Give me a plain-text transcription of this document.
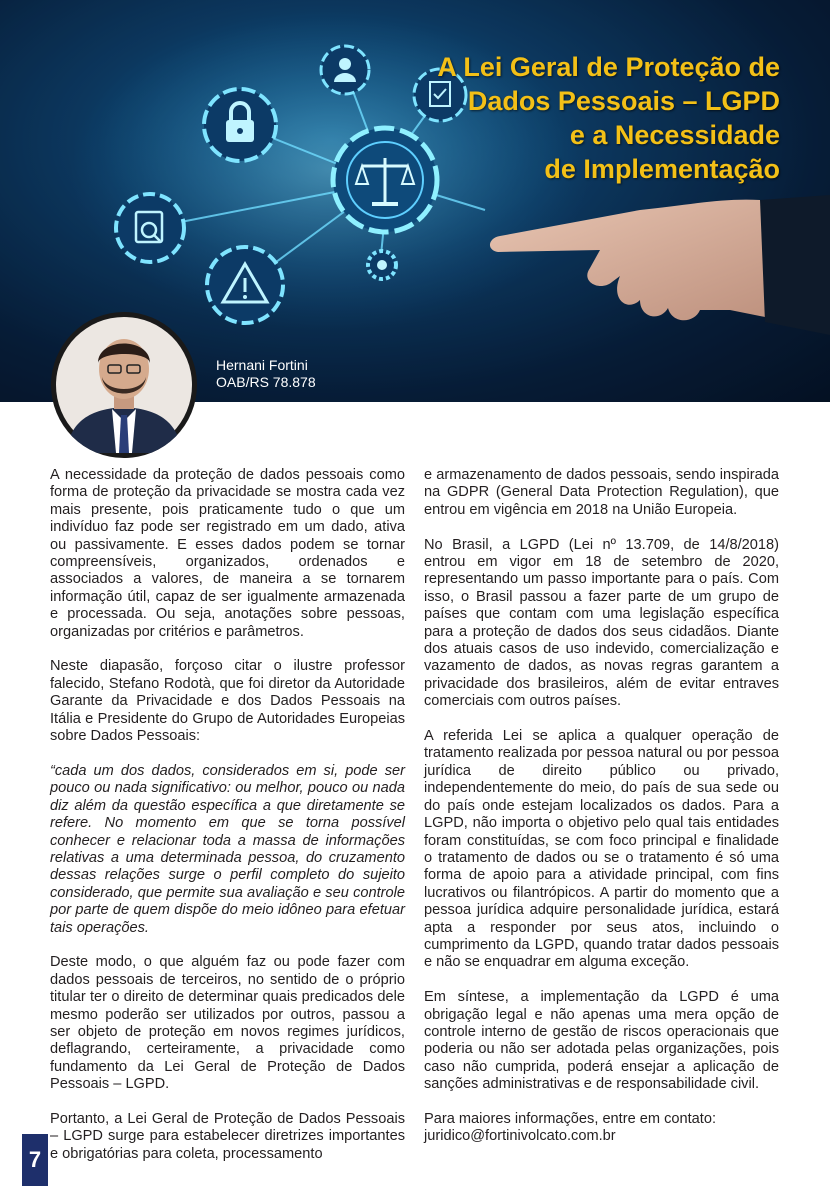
A Lei Geral de Proteção de
Dados Pessoais – LGPD
e a Necessidade
de Implementação
Hernani Fortini
OAB/RS 78.878

A necessidade da proteção de dados pessoais como forma de proteção da privacidade se mostra cada vez mais presente, pois praticamente tudo o que um indivíduo faz pode ser registrado em um dado, ativa ou passivamente. E esses dados podem se tornar compreensíveis, organizados, ordenados e associados a valores, de maneira a se tornarem informação útil, capaz de ser igualmente armazenada e processada. Ou seja, anotações sobre pessoas, organizadas por critérios e parâmetros.

Neste diapasão, forçoso citar o ilustre professor falecido, Stefano Rodotà, que foi diretor da Autoridade Garante da Privacidade e dos Dados Pessoais na Itália e Presidente do Grupo de Autoridades Europeias sobre Dados Pessoais:

“cada um dos dados, considerados em si, pode ser pouco ou nada significativo: ou melhor, pouco ou nada diz além da questão específica a que diretamente se refere. No momento em que se torna possível conhecer e relacionar toda a massa de informações relativas a uma determinada pessoa, do cruzamento dessas relações surge o perfil completo do sujeito considerado, que permite sua avaliação e seu controle por parte de quem dispõe do meio idôneo para efetuar tais operações.

Deste modo, o que alguém faz ou pode fazer com dados pessoais de terceiros, no sentido de o próprio titular ter o direito de determinar quais predicados dele mesmo poderão ser utilizados por outros, passou a ser objeto de proteção em novos regimes jurídicos, deflagrando, certeiramente, a privacidade como fundamento da Lei Geral de Proteção de Dados Pessoais – LGPD.

Portanto, a Lei Geral de Proteção de Dados Pessoais – LGPD surge para estabelecer diretrizes importantes e obrigatórias para coleta, processamento

e armazenamento de dados pessoais, sendo inspirada na GDPR (General Data Protection Regulation), que entrou em vigência em 2018 na União Europeia.

No Brasil, a LGPD (Lei nº 13.709, de 14/8/2018) entrou em vigor em 18 de setembro de 2020, representando um passo importante para o país. Com isso, o Brasil passou a fazer parte de um grupo de países que contam com uma legislação específica para a proteção de dados dos seus cidadãos. Diante dos atuais casos de uso indevido, comercialização e vazamento de dados, as novas regras garantem a privacidade dos brasileiros, além de evitar entraves comerciais com outros países.

A referida Lei se aplica a qualquer operação de tratamento realizada por pessoa natural ou por pessoa jurídica de direito público ou privado, independentemente do meio, do país de sua sede ou do país onde estejam localizados os dados. Para a LGPD, não importa o objetivo pelo qual tais entidades foram constituídas, se com foco principal e finalidade o tratamento de dados ou se o tratamento é só uma forma de apoio para a atividade principal, com fins lucrativos ou filantrópicos. A partir do momento que a pessoa jurídica adquire personalidade jurídica, estará apta a responder por seus atos, incluindo o cumprimento da LGPD, quando tratar dados pessoais e não se enquadrar em alguma exceção.

Em síntese, a implementação da LGPD é uma obrigação legal e não apenas uma mera opção de controle interno de gestão de riscos operacionais que poderia ou não ser adotada pelas organizações, pois caso não cumprida, poderá ensejar a aplicação de sanções administrativas e de responsabilidade civil.

Para maiores informações, entre em contato:
juridico@fortinivolcato.com.br
7
